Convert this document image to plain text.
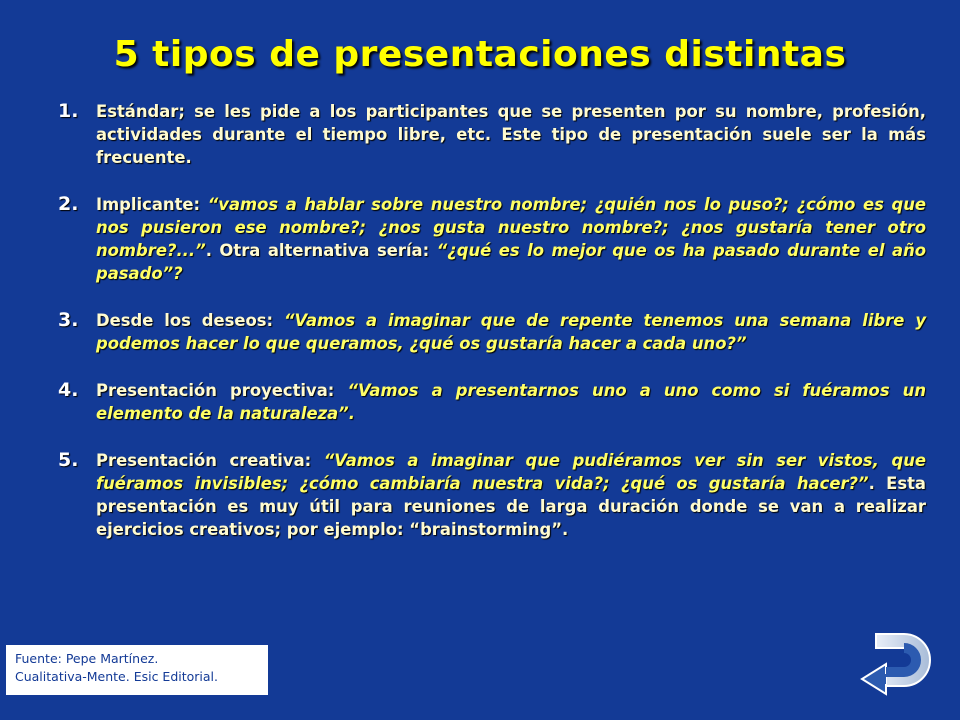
5 tipos de presentaciones distintas
1. Estándar; se les pide a los participantes que se presenten por su nombre, profesión, actividades durante el tiempo libre, etc. Este tipo de presentación suele ser la más frecuente.
2. Implicante: “vamos a hablar sobre nuestro nombre; ¿quién nos lo puso?; ¿cómo es que nos pusieron ese nombre?; ¿nos gusta nuestro nombre?; ¿nos gustaría tener otro nombre?...”. Otra alternativa sería: “¿qué es lo mejor que os ha pasado durante el año pasado”?
3. Desde los deseos: “Vamos a imaginar que de repente tenemos una semana libre y podemos hacer lo que queramos, ¿qué os gustaría hacer a cada uno?”
4. Presentación proyectiva: “Vamos a presentarnos uno a uno como si fuéramos un elemento de la naturaleza”.
5. Presentación creativa: “Vamos a imaginar que pudiéramos ver sin ser vistos, que fuéramos invisibles; ¿cómo cambiaría nuestra vida?; ¿qué os gustaría hacer?”. Esta presentación es muy útil para reuniones de larga duración donde se van a realizar ejercicios creativos; por ejemplo: “brainstorming”.
Fuente: Pepe Martínez.
Cualitativa-Mente. Esic Editorial.
